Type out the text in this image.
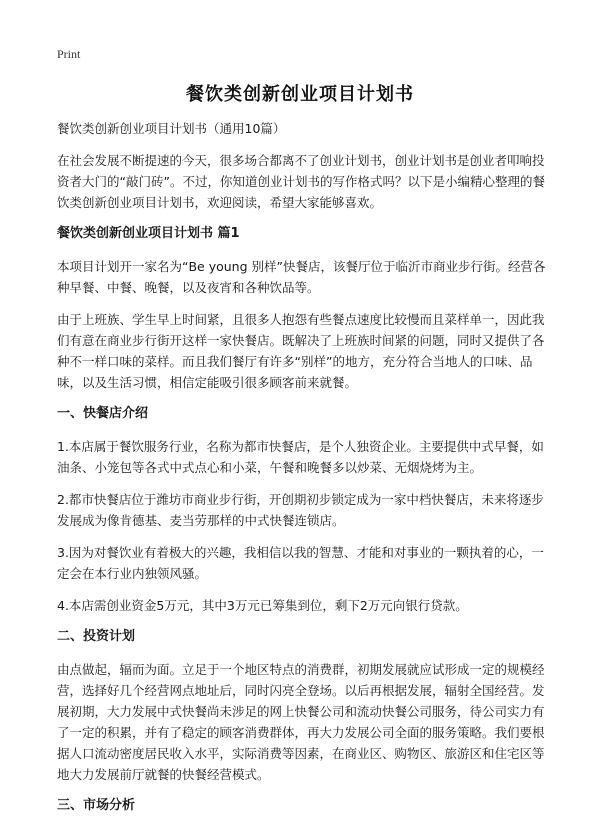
Print
餐饮类创新创业项目计划书

餐饮类创新创业项目计划书（通用10篇）

在社会发展不断提速的今天，很多场合都离不了创业计划书，创业计划书是创业者叩响投资者大门的“敲门砖”。不过，你知道创业计划书的写作格式吗？以下是小编精心整理的餐饮类创新创业项目计划书，欢迎阅读，希望大家能够喜欢。

餐饮类创新创业项目计划书 篇1

本项目计划开一家名为“Be young 别样”快餐店，该餐厅位于临沂市商业步行街。经营各种早餐、中餐、晚餐，以及夜宵和各种饮品等。

由于上班族、学生早上时间紧，且很多人抱怨有些餐点速度比较慢而且菜样单一，因此我们有意在商业步行街开这样一家快餐店。既解决了上班族时间紧的问题，同时又提供了各种不一样口味的菜样。而且我们餐厅有许多“别样”的地方，充分符合当地人的口味、品味，以及生活习惯，相信定能吸引很多顾客前来就餐。

一、快餐店介绍

1.本店属于餐饮服务行业，名称为都市快餐店，是个人独资企业。主要提供中式早餐，如油条、小笼包等各式中式点心和小菜，午餐和晚餐多以炒菜、无烟烧烤为主。

2.都市快餐店位于潍坊市商业步行街，开创期初步锁定成为一家中档快餐店，未来将逐步发展成为像肯德基、麦当劳那样的中式快餐连锁店。

3.因为对餐饮业有着极大的兴趣，我相信以我的智慧、才能和对事业的一颗执着的心，一定会在本行业内独领风骚。

4.本店需创业资金5万元，其中3万元已筹集到位，剩下2万元向银行贷款。

二、投资计划

由点做起，辐而为面。立足于一个地区特点的消费群，初期发展就应试形成一定的规模经营，选择好几个经营网点地址后，同时闪亮全登场。以后再根据发展，辐射全国经营。发展初期，大力发展中式快餐尚未涉足的网上快餐公司和流动快餐公司服务，待公司实力有了一定的积累，并有了稳定的顾客消费群体，再大力发展公司全面的服务策略。我们要根据人口流动密度居民收入水平，实际消费等因素，在商业区、购物区、旅游区和住宅区等地大力发展前厅就餐的快餐经营模式。

三、市场分析
